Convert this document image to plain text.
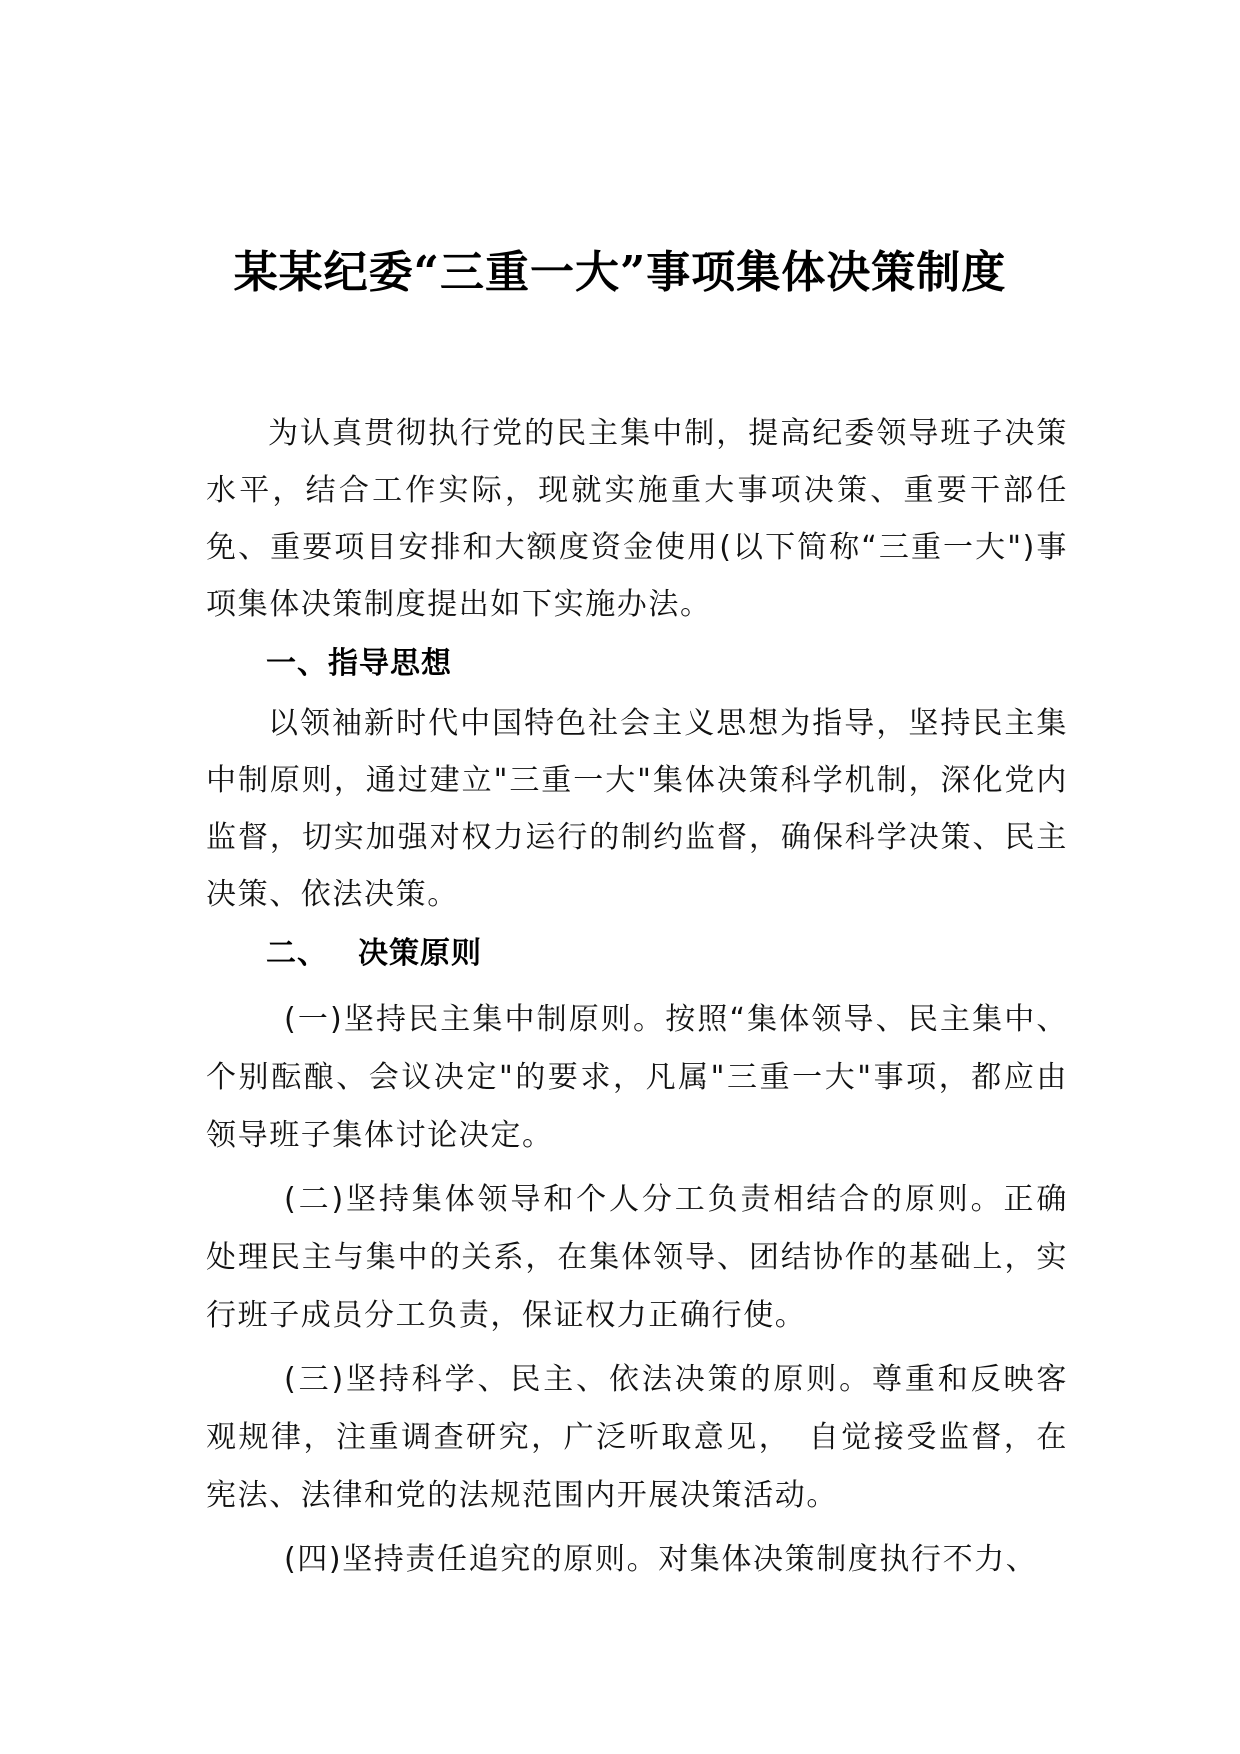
某某纪委“三重一大”事项集体决策制度

为认真贯彻执行党的民主集中制，提高纪委领导班子决策水平，结合工作实际，现就实施重大事项决策、重要干部任免、重要项目安排和大额度资金使用(以下简称“三重一大")事项集体决策制度提出如下实施办法。

一、指导思想

以领袖新时代中国特色社会主义思想为指导，坚持民主集中制原则，通过建立"三重一大"集体决策科学机制，深化党内监督，切实加强对权力运行的制约监督，确保科学决策、民主决策、依法决策。

二、 决策原则

(一)坚持民主集中制原则。按照“集体领导、民主集中、个别酝酿、会议决定"的要求，凡属"三重一大"事项，都应由领导班子集体讨论决定。

(二)坚持集体领导和个人分工负责相结合的原则。正确处理民主与集中的关系，在集体领导、团结协作的基础上，实行班子成员分工负责，保证权力正确行使。

(三)坚持科学、民主、依法决策的原则。尊重和反映客观规律，注重调查研究，广泛听取意见，　自觉接受监督，在宪法、法律和党的法规范围内开展决策活动。

(四)坚持责任追究的原则。对集体决策制度执行不力、
